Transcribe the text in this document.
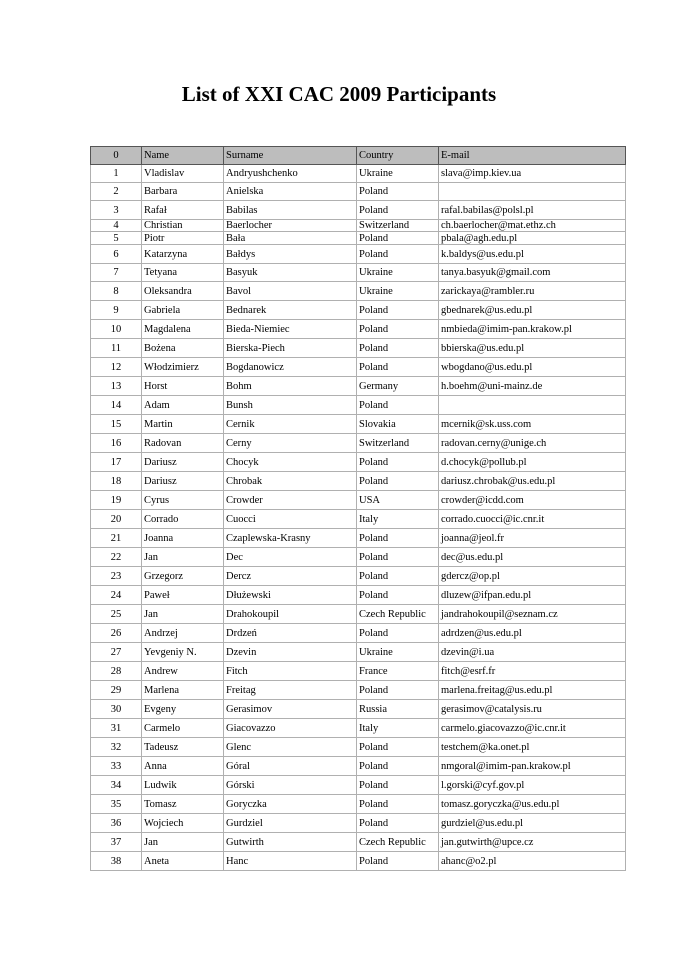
List of XXI CAC 2009 Participants
0	Name	Surname	Country	E-mail
1	Vladislav	Andryushchenko	Ukraine	slava@imp.kiev.ua
2	Barbara	Anielska	Poland	
3	Rafał	Babilas	Poland	rafal.babilas@polsl.pl
4	Christian	Baerlocher	Switzerland	ch.baerlocher@mat.ethz.ch
5	Piotr	Bała	Poland	pbala@agh.edu.pl
6	Katarzyna	Bałdys	Poland	k.baldys@us.edu.pl
7	Tetyana	Basyuk	Ukraine	tanya.basyuk@gmail.com
8	Oleksandra	Bavol	Ukraine	zarickaya@rambler.ru
9	Gabriela	Bednarek	Poland	gbednarek@us.edu.pl
10	Magdalena	Bieda-Niemiec	Poland	nmbieda@imim-pan.krakow.pl
11	Bożena	Bierska-Piech	Poland	bbierska@us.edu.pl
12	Włodzimierz	Bogdanowicz	Poland	wbogdano@us.edu.pl
13	Horst	Bohm	Germany	h.boehm@uni-mainz.de
14	Adam	Bunsh	Poland	
15	Martin	Cernik	Slovakia	mcernik@sk.uss.com
16	Radovan	Cerny	Switzerland	radovan.cerny@unige.ch
17	Dariusz	Chocyk	Poland	d.chocyk@pollub.pl
18	Dariusz	Chrobak	Poland	dariusz.chrobak@us.edu.pl
19	Cyrus	Crowder	USA	crowder@icdd.com
20	Corrado	Cuocci	Italy	corrado.cuocci@ic.cnr.it
21	Joanna	Czaplewska-Krasny	Poland	joanna@jeol.fr
22	Jan	Dec	Poland	dec@us.edu.pl
23	Grzegorz	Dercz	Poland	gdercz@op.pl
24	Paweł	Dłużewski	Poland	dluzew@ifpan.edu.pl
25	Jan	Drahokoupil	Czech Republic	jandrahokoupil@seznam.cz
26	Andrzej	Drdzeń	Poland	adrdzen@us.edu.pl
27	Yevgeniy N.	Dzevin	Ukraine	dzevin@i.ua
28	Andrew	Fitch	France	fitch@esrf.fr
29	Marlena	Freitag	Poland	marlena.freitag@us.edu.pl
30	Evgeny	Gerasimov	Russia	gerasimov@catalysis.ru
31	Carmelo	Giacovazzo	Italy	carmelo.giacovazzo@ic.cnr.it
32	Tadeusz	Glenc	Poland	testchem@ka.onet.pl
33	Anna	Góral	Poland	nmgoral@imim-pan.krakow.pl
34	Ludwik	Górski	Poland	l.gorski@cyf.gov.pl
35	Tomasz	Goryczka	Poland	tomasz.goryczka@us.edu.pl
36	Wojciech	Gurdziel	Poland	gurdziel@us.edu.pl
37	Jan	Gutwirth	Czech Republic	jan.gutwirth@upce.cz
38	Aneta	Hanc	Poland	ahanc@o2.pl
